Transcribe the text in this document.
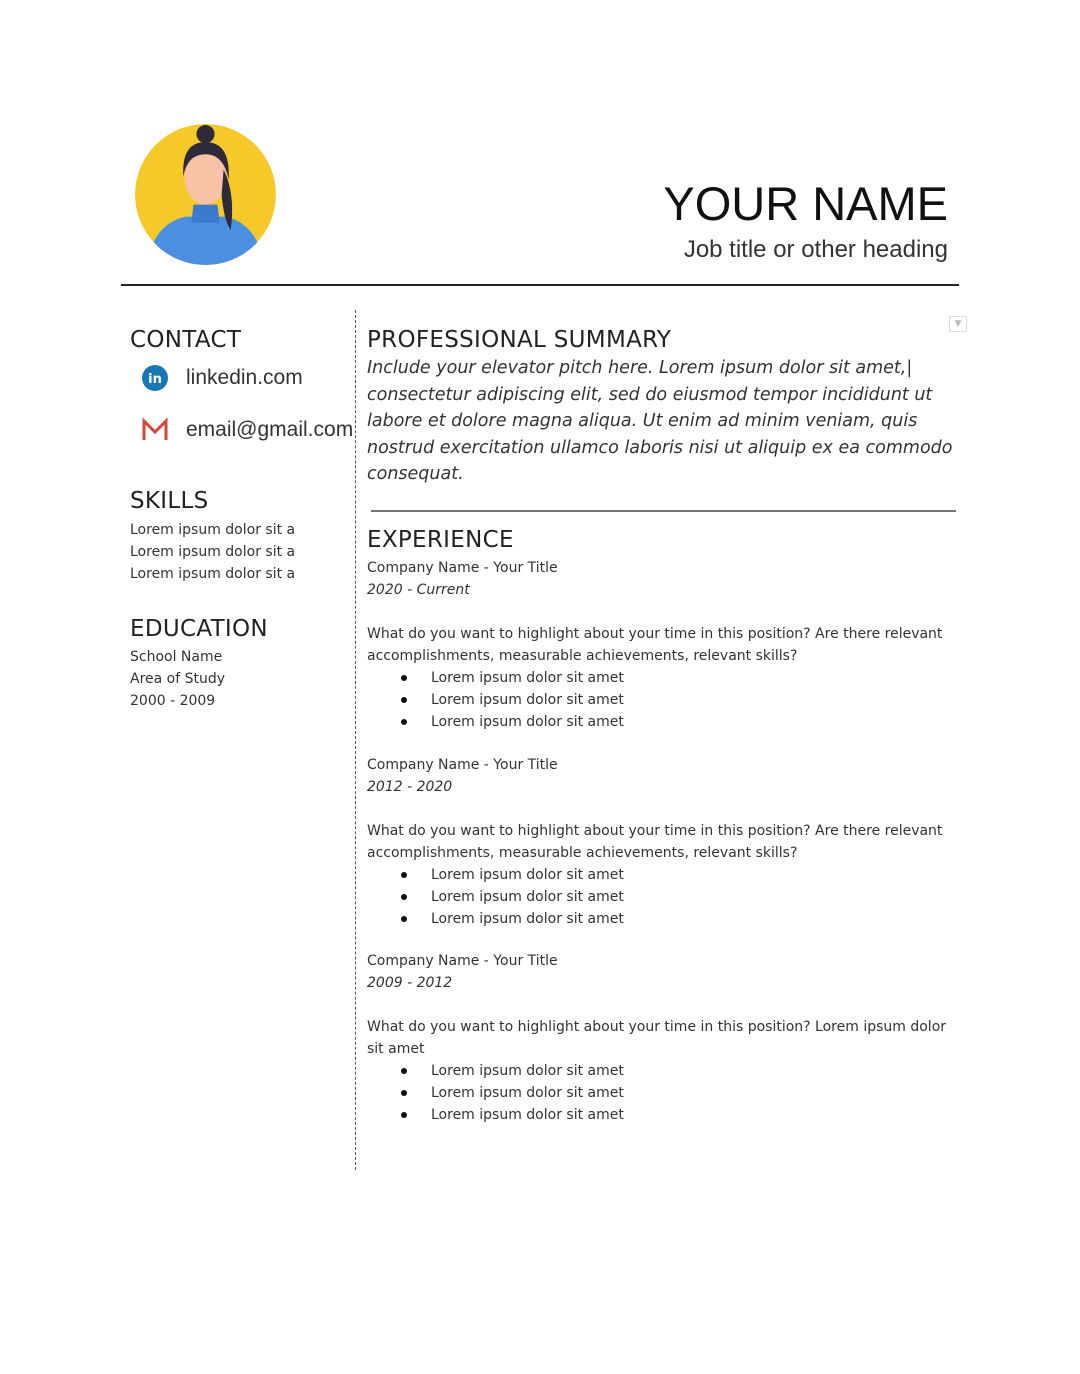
YOUR NAME
Job title or other heading
CONTACT
in linkedin.com
email@gmail.com
SKILLS
Lorem ipsum dolor sit a
Lorem ipsum dolor sit a
Lorem ipsum dolor sit a
EDUCATION
School Name
Area of Study
2000 - 2009
▼
PROFESSIONAL SUMMARY
Include your elevator pitch here. Lorem ipsum dolor sit amet,| consectetur adipiscing elit, sed do eiusmod tempor incididunt ut labore et dolore magna aliqua. Ut enim ad minim veniam, quis nostrud exercitation ullamco laboris nisi ut aliquip ex ea commodo consequat.
EXPERIENCE
Company Name - Your Title
2020 - Current
What do you want to highlight about your time in this position? Are there relevant accomplishments, measurable achievements, relevant skills?
Lorem ipsum dolor sit amet
Lorem ipsum dolor sit amet
Lorem ipsum dolor sit amet
Company Name - Your Title
2012 - 2020
What do you want to highlight about your time in this position? Are there relevant accomplishments, measurable achievements, relevant skills?
Lorem ipsum dolor sit amet
Lorem ipsum dolor sit amet
Lorem ipsum dolor sit amet
Company Name - Your Title
2009 - 2012
What do you want to highlight about your time in this position? Lorem ipsum dolor sit amet
Lorem ipsum dolor sit amet
Lorem ipsum dolor sit amet
Lorem ipsum dolor sit amet
